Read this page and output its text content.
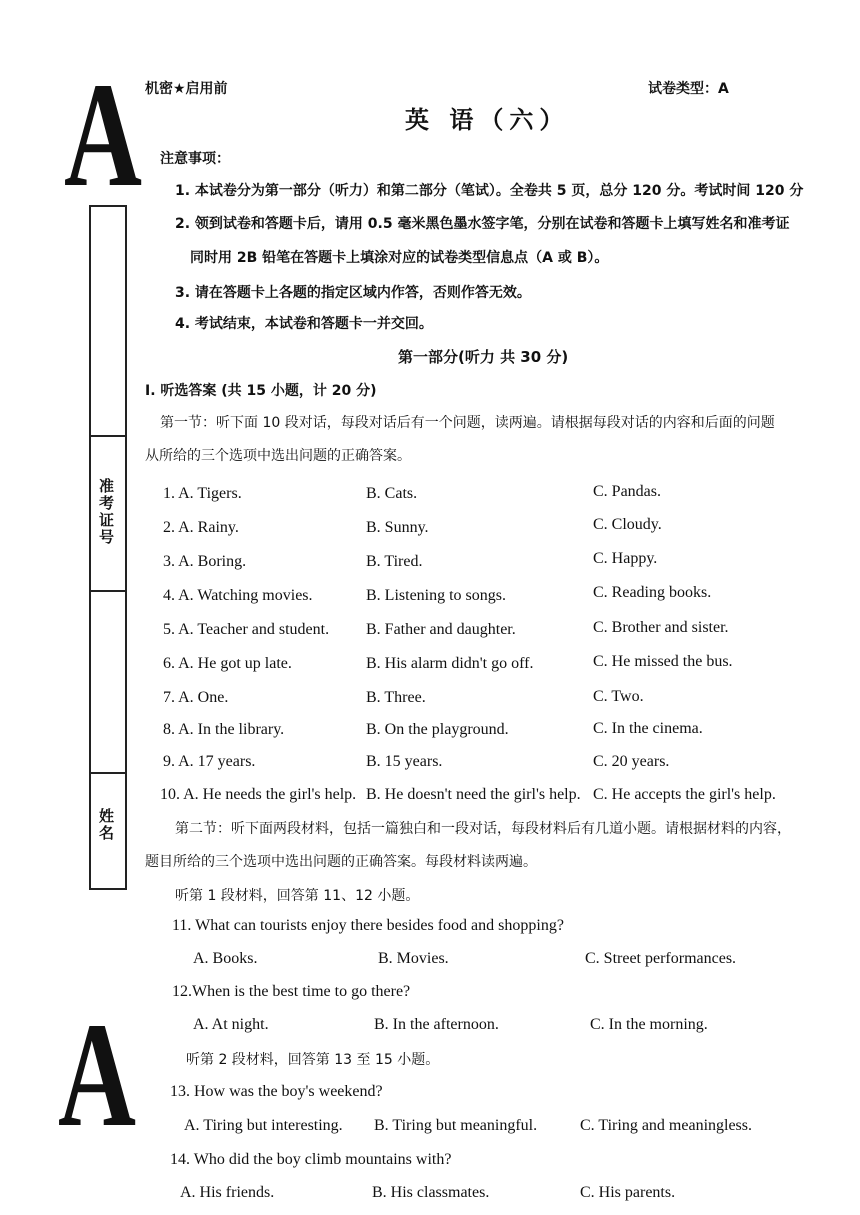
A
准考证号
姓名
A
机密★启用前	试卷类型：A
英 语（六）
注意事项：
1. 本试卷分为第一部分（听力）和第二部分（笔试）。全卷共 5 页，总分 120 分。考试时间 120 分
2. 领到试卷和答题卡后，请用 0.5 毫米黑色墨水签字笔，分别在试卷和答题卡上填写姓名和准考证
同时用 2B 铅笔在答题卡上填涂对应的试卷类型信息点（A 或 B）。
3. 请在答题卡上各题的指定区域内作答，否则作答无效。
4. 考试结束，本试卷和答题卡一并交回。
第一部分(听力 共 30 分)
I. 听选答案 (共 15 小题，计 20 分)
第一节：听下面 10 段对话，每段对话后有一个问题，读两遍。请根据每段对话的内容和后面的问题
从所给的三个选项中选出问题的正确答案。
1. A. Tigers.	B. Cats.	C. Pandas.
2. A. Rainy.	B. Sunny.	C. Cloudy.
3. A. Boring.	B. Tired.	C. Happy.
4. A. Watching movies.	B. Listening to songs.	C. Reading books.
5. A. Teacher and student. B. Father and daughter.	C. Brother and sister.
6. A. He got up late.	B. His alarm didn't go off.	C. He missed the bus.
7. A. One.	B. Three.	C. Two.
8. A. In the library.	B. On the playground.	C. In the cinema.
9. A. 17 years.	B. 15 years.	C. 20 years.
10. A. He needs the girl's help. B. He doesn't need the girl's help. C. He accepts the girl's help.
第二节：听下面两段材料，包括一篇独白和一段对话，每段材料后有几道小题。请根据材料的内容，
题目所给的三个选项中选出问题的正确答案。每段材料读两遍。
听第 1 段材料，回答第 11、12 小题。
11. What can tourists enjoy there besides food and shopping?
A. Books.	B. Movies.	C. Street performances.
12.When is the best time to go there?
A. At night.	B. In the afternoon.	C. In the morning.
听第 2 段材料，回答第 13 至 15 小题。
13. How was the boy's weekend?
A. Tiring but interesting. B. Tiring but meaningful.	C. Tiring and meaningless.
14. Who did the boy climb mountains with?
A. His friends.	B. His classmates.	C. His parents.
